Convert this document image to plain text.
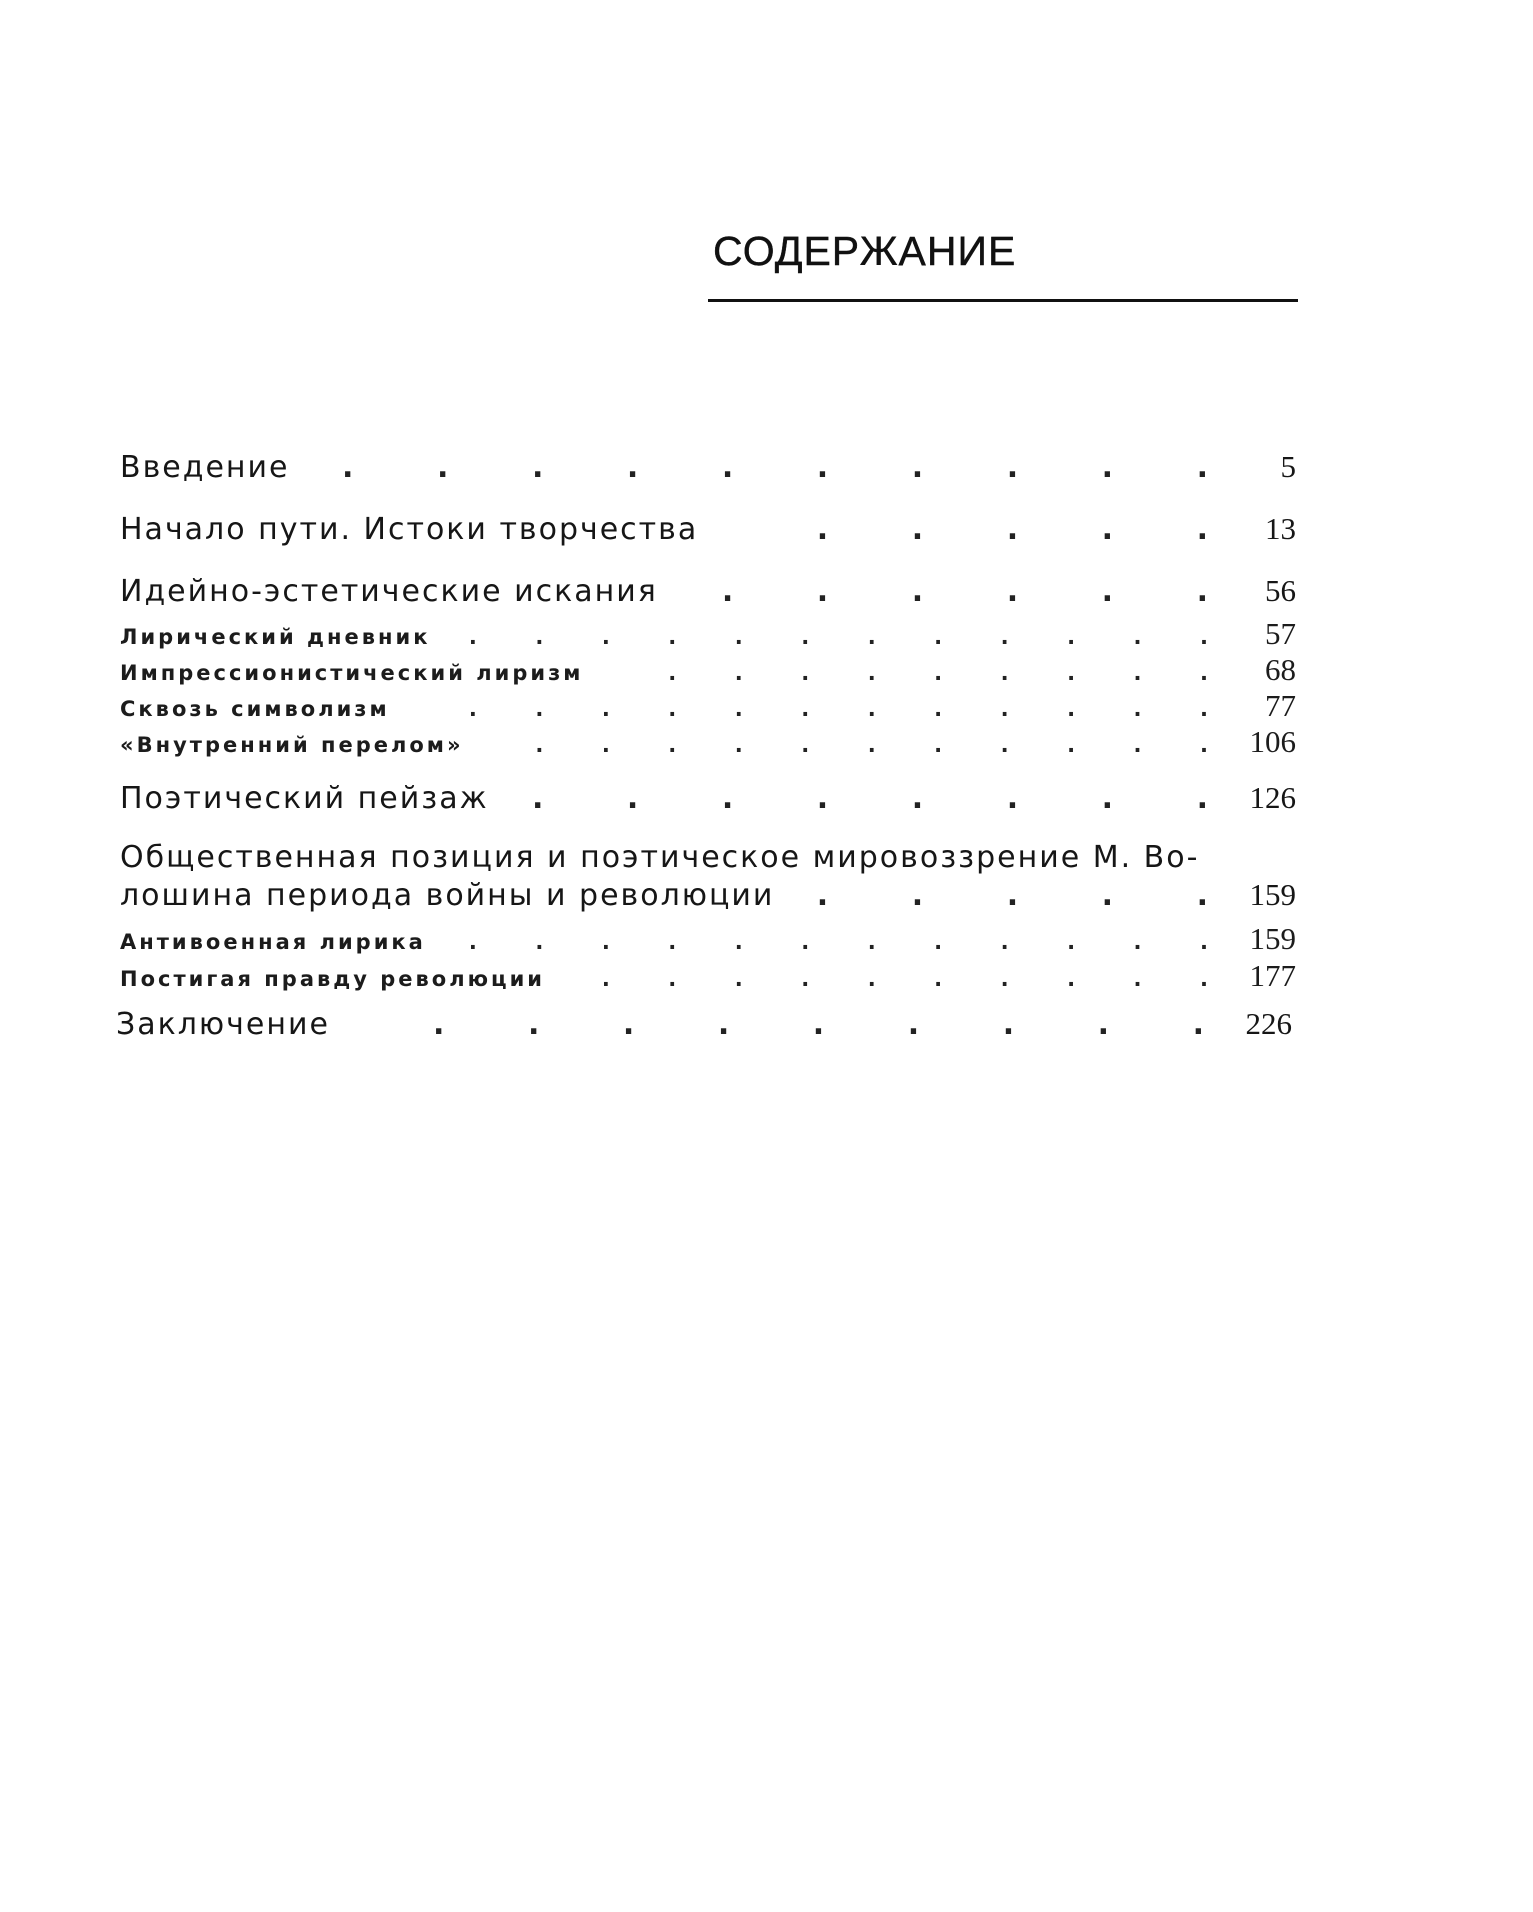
СОДЕРЖАНИЕ
Введение .	5
Начало пути. Истоки творчества .	13
Идейно-эстетические искания .	56
Лирический дневник .	57
Импрессионистический лиризм .	68
Сквозь символизм .	77
«Внутренний перелом» .	106
Поэтический пейзаж .	126
Общественная позиция и поэтическое мировоззрение М. Во-
лошина периода войны и революции .	159
Антивоенная лирика .	159
Постигая правду революции .	177
Заключение .	226
